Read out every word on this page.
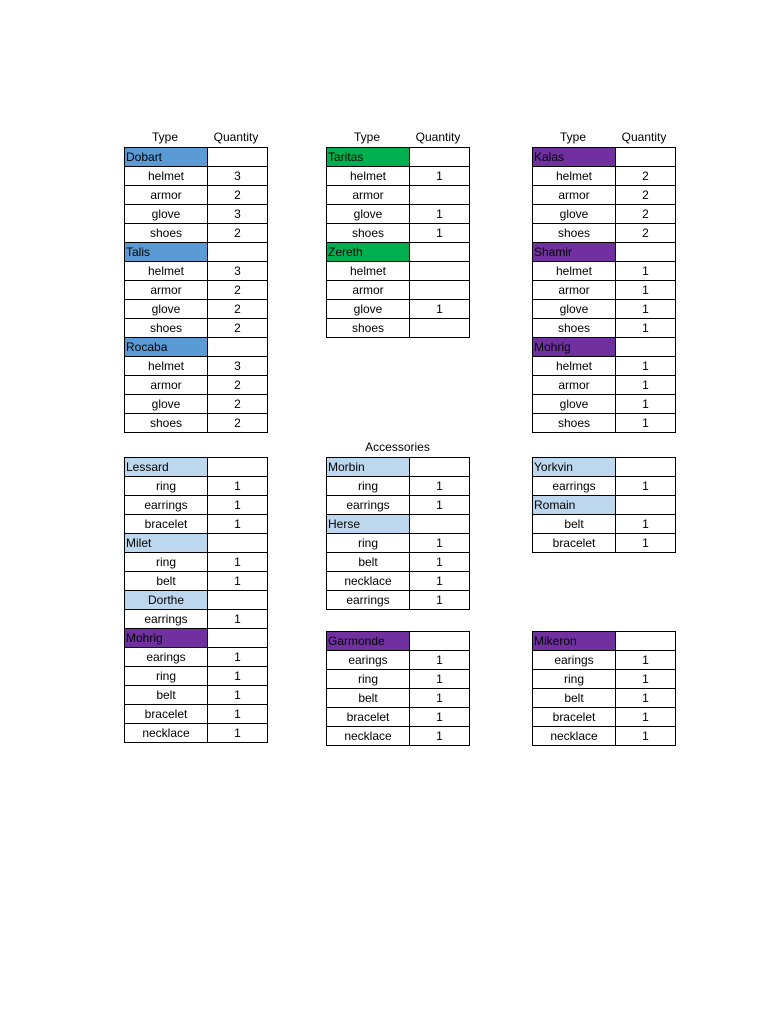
Type	Quantity	Type	Quantity	Type	Quantity
Accessories
Dobart	
helmet	3
armor	2
glove	3
shoes	2
Talis	
helmet	3
armor	2
glove	2
shoes	2
Rocaba	
helmet	3
armor	2
glove	2
shoes	2
Taritas	
helmet	1
armor	
glove	1
shoes	1
Zereth	
helmet	
armor	
glove	1
shoes	
Kalas	
helmet	2
armor	2
glove	2
shoes	2
Shamir	
helmet	1
armor	1
glove	1
shoes	1
Mohrig	
helmet	1
armor	1
glove	1
shoes	1
Lessard	
ring	1
earrings	1
bracelet	1
Milet	
ring	1
belt	1
Dorthe	
earrings	1
Mohrig	
earings	1
ring	1
belt	1
bracelet	1
necklace	1
Morbin	
ring	1
earrings	1
Herse	
ring	1
belt	1
necklace	1
earrings	1
Yorkvin	
earrings	1
Romain	
belt	1
bracelet	1
Garmonde	
earings	1
ring	1
belt	1
bracelet	1
necklace	1
Mikeron	
earings	1
ring	1
belt	1
bracelet	1
necklace	1
